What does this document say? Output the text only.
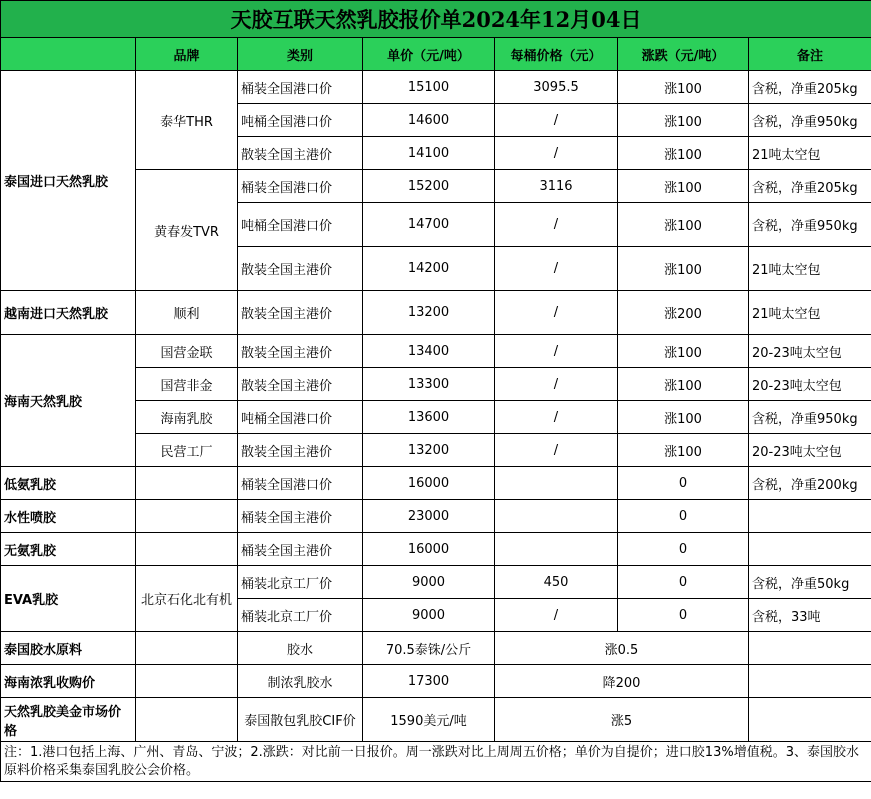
天胶互联天然乳胶报价单2024年12月04日						
	品牌	类别	单价（元/吨）	每桶价格（元）	涨跌（元/吨）	备注
泰国进口天然乳胶	泰华THR	桶装全国港口价	15100	3095.5	涨100	含税，净重205kg
		吨桶全国港口价	14600	/	涨100	含税，净重950kg
		散装全国主港价	14100	/	涨100	21吨太空包
	黄春发TVR	桶装全国港口价	15200	3116	涨100	含税，净重205kg
		吨桶全国港口价	14700	/	涨100	含税，净重950kg
		散装全国主港价	14200	/	涨100	21吨太空包
越南进口天然乳胶	顺利	散装全国主港价	13200	/	涨200	21吨太空包
海南天然乳胶	国营金联	散装全国主港价	13400	/	涨100	20-23吨太空包
	国营非金	散装全国主港价	13300	/	涨100	20-23吨太空包
	海南乳胶	吨桶全国港口价	13600	/	涨100	含税，净重950kg
	民营工厂	散装全国主港价	13200	/	涨100	20-23吨太空包
低氨乳胶		桶装全国港口价	16000		0	含税，净重200kg
水性喷胶		桶装全国主港价	23000		0	
无氨乳胶		桶装全国主港价	16000		0	
EVA乳胶	北京石化北有机	桶装北京工厂价	9000	450	0	含税，净重50kg
		桶装北京工厂价	9000	/	0	含税，33吨
泰国胶水原料		胶水	70.5泰铢/公斤	涨0.5		
海南浓乳收购价		制浓乳胶水	17300	降200		
天然乳胶美金市场价格		泰国散包乳胶CIF价	1590美元/吨	涨5		
注：1.港口包括上海、广州、青岛、宁波；2.涨跌：对比前一日报价。周一涨跌对比上周周五价格；单价为自提价；进口胶13%增值税。3、泰国胶水原料价格采集泰国乳胶公会价格。						
